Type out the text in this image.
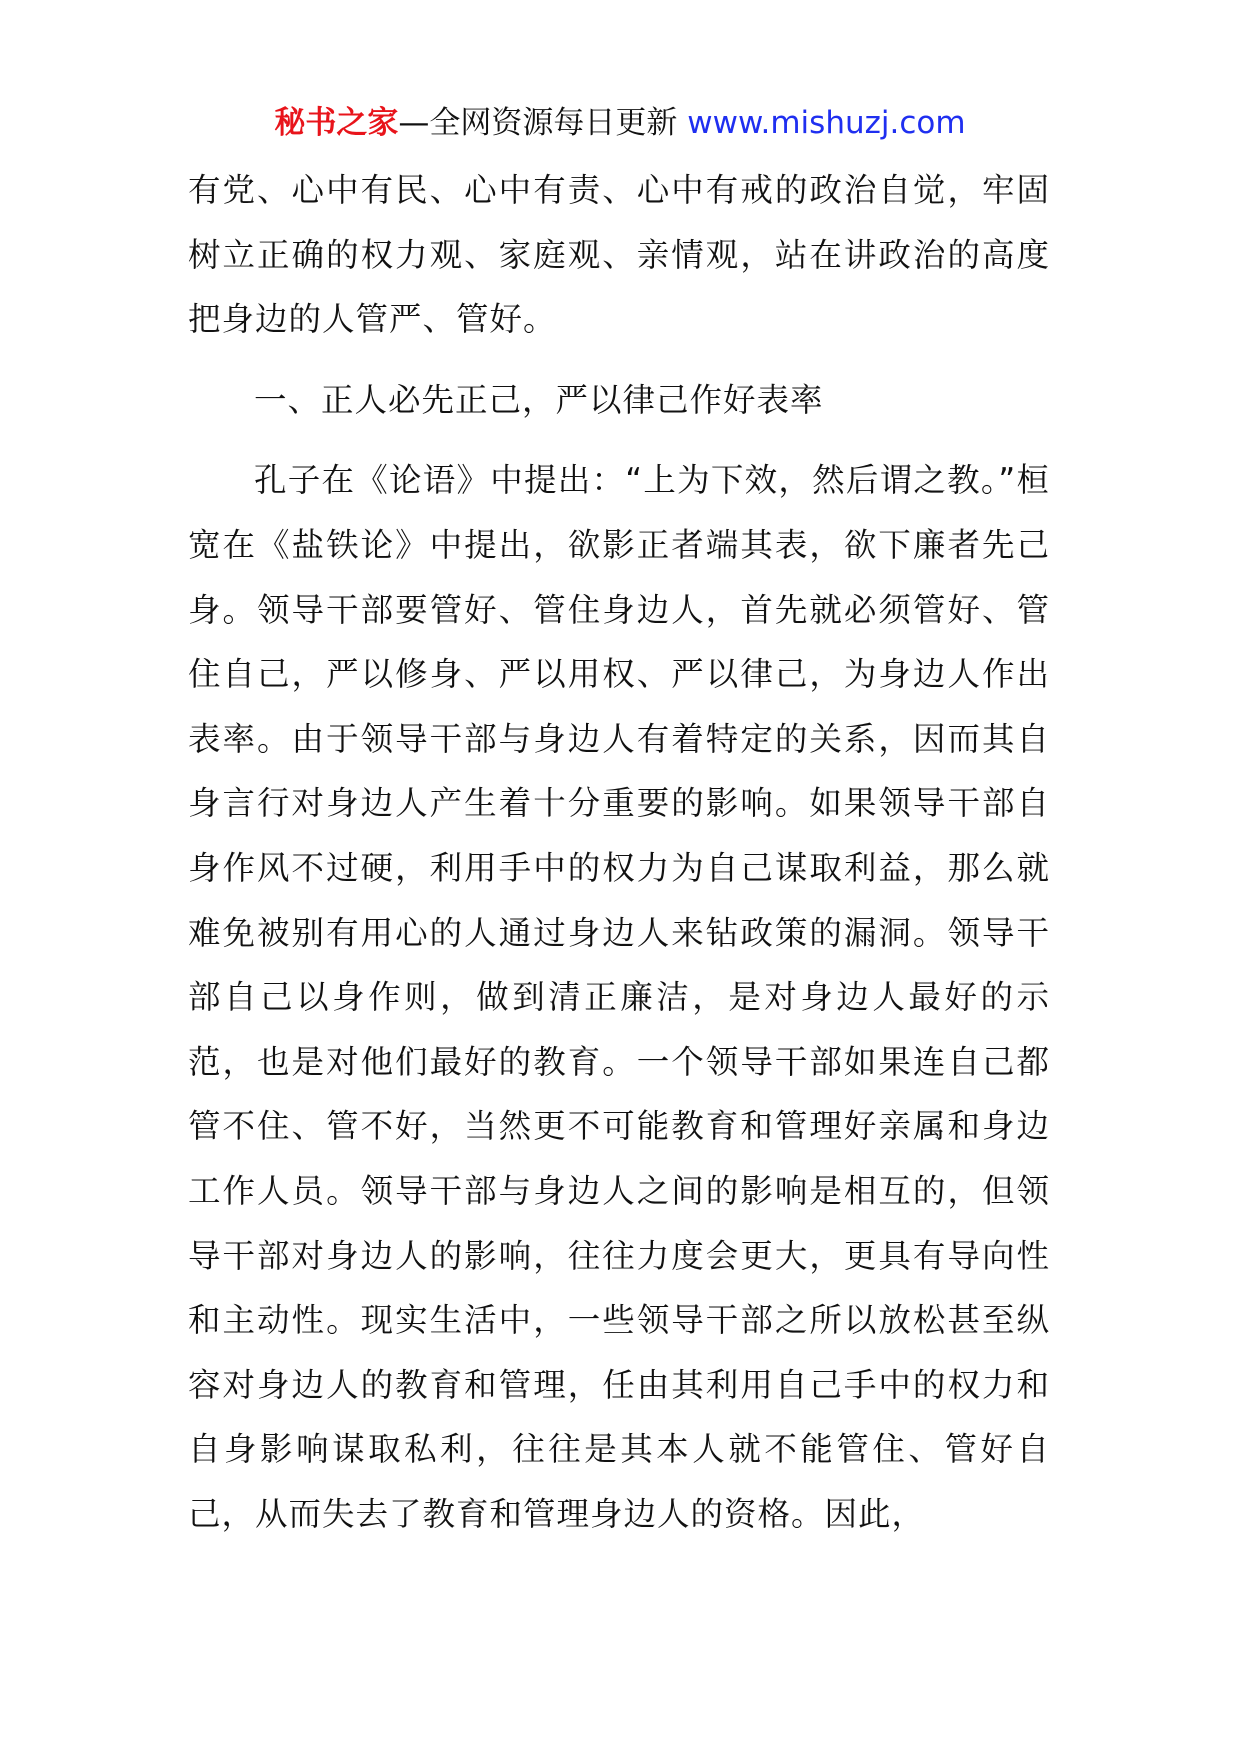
秘书之家—全网资源每日更新 www.mishuzj.com

有党、心中有民、心中有责、心中有戒的政治自觉，牢固树立正确的权力观、家庭观、亲情观，站在讲政治的高度把身边的人管严、管好。

一、正人必先正己，严以律己作好表率

孔子在《论语》中提出：“上为下效，然后谓之教。”桓宽在《盐铁论》中提出，欲影正者端其表，欲下廉者先己身。领导干部要管好、管住身边人，首先就必须管好、管住自己，严以修身、严以用权、严以律己，为身边人作出表率。由于领导干部与身边人有着特定的关系，因而其自身言行对身边人产生着十分重要的影响。如果领导干部自身作风不过硬，利用手中的权力为自己谋取利益，那么就难免被别有用心的人通过身边人来钻政策的漏洞。领导干部自己以身作则，做到清正廉洁，是对身边人最好的示范，也是对他们最好的教育。一个领导干部如果连自己都管不住、管不好，当然更不可能教育和管理好亲属和身边工作人员。领导干部与身边人之间的影响是相互的，但领导干部对身边人的影响，往往力度会更大，更具有导向性和主动性。现实生活中，一些领导干部之所以放松甚至纵容对身边人的教育和管理，任由其利用自己手中的权力和自身影响谋取私利，往往是其本人就不能管住、管好自己，从而失去了教育和管理身边人的资格。因此，
